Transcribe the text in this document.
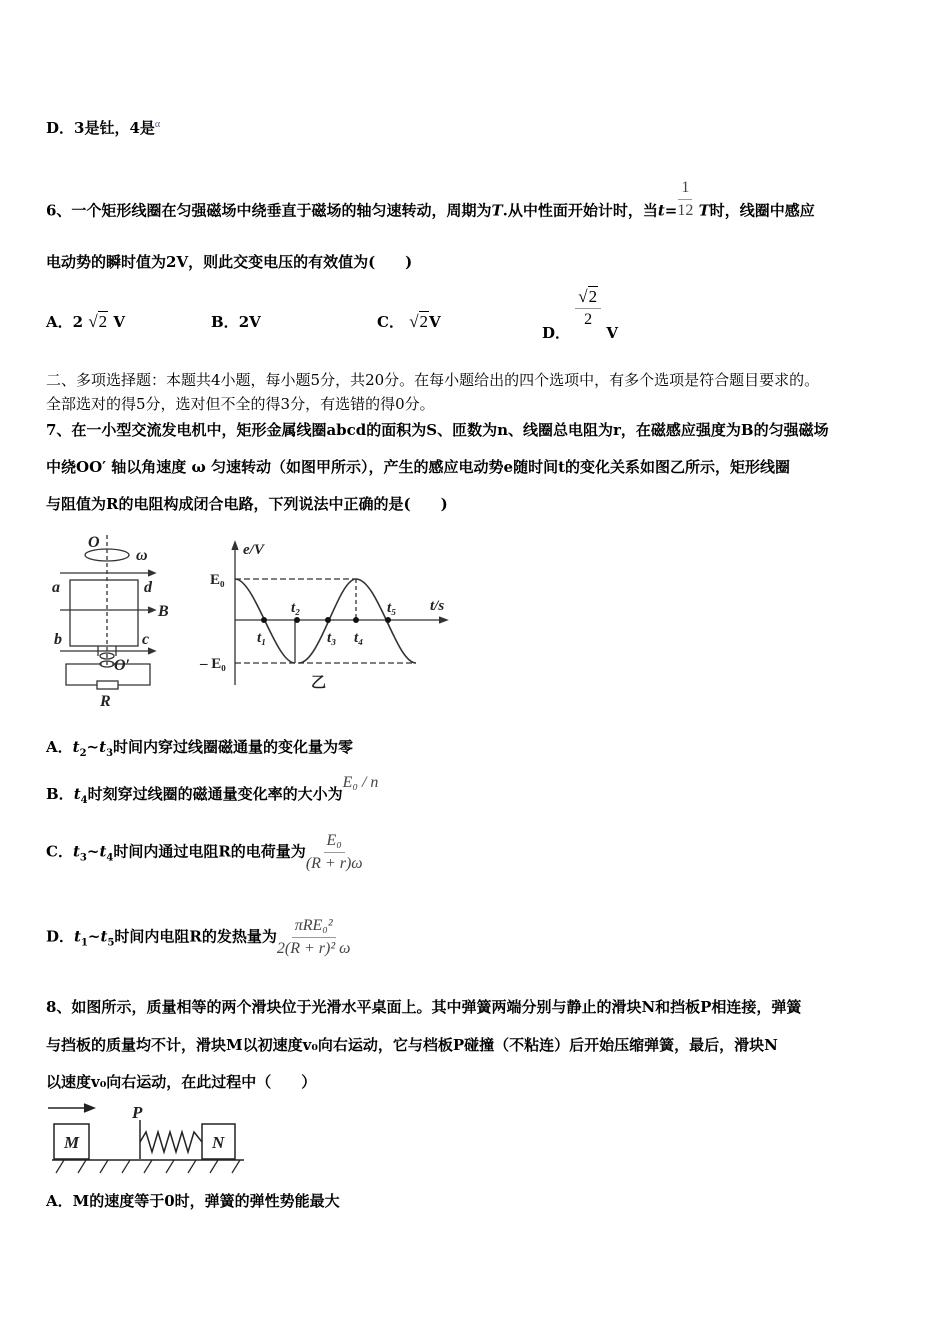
D．3是钍，4是$^\alpha$
6、一个矩形线圈在匀强磁场中绕垂直于磁场的轴匀速转动，周期为T.从中性面开始计时，当$t= \frac{1}{12}$ T时，线圈中感应
电动势的瞬时值为2V，则此交变电压的有效值为(　　)
A．2 √2 V	B．2V	C． √2V
D．
$\frac{√2}{2}$
V
二、多项选择题：本题共4小题，每小题5分，共20分。在每小题给出的四个选项中，有多个选项是符合题目要求的。
全部选对的得5分，选对但不全的得3分，有选错的得0分。
7、在一小型交流发电机中，矩形金属线圈abcd的面积为S、匝数为n、线圈总电阻为r，在磁感应强度为B的匀强磁场
中绕OO′ 轴以角速度 ω 匀速转动（如图甲所示），产生的感应电动势e随时间t的变化关系如图乙所示，矩形线圈
与阻值为R的电阻构成闭合电路，下列说法中正确的是(　　)
O
ω
a	d
B
b	c
O′
R
e/V
t/s
E₀
– E₀
t₁
t₂
t₃ t₄
t₅
乙
A．$t_2\sim t_3$时间内穿过线圈磁通量的变化量为零
B．$t_4$时刻穿过线圈的磁通量变化率的大小为E₀ / n
C．$t_3\sim t_4$时间内通过电阻R的电荷量为 $\frac{\text{E₀}}{(R + r)\omega}$
D．$t_1\sim t_5$时间内电阻R的发热量为 $\frac{\text{πRE₀²}}{\text{2(R + r)² ω}}$
8、如图所示，质量相等的两个滑块位于光滑水平桌面上。其中弹簧两端分别与静止的滑块N和挡板P相连接，弹簧
与挡板的质量均不计，滑块M以初速度v₀向右运动，它与档板P碰撞（不粘连）后开始压缩弹簧，最后，滑块N
以速度v₀向右运动，在此过程中（　　）
M	N
P
A．M的速度等于0时，弹簧的弹性势能最大
